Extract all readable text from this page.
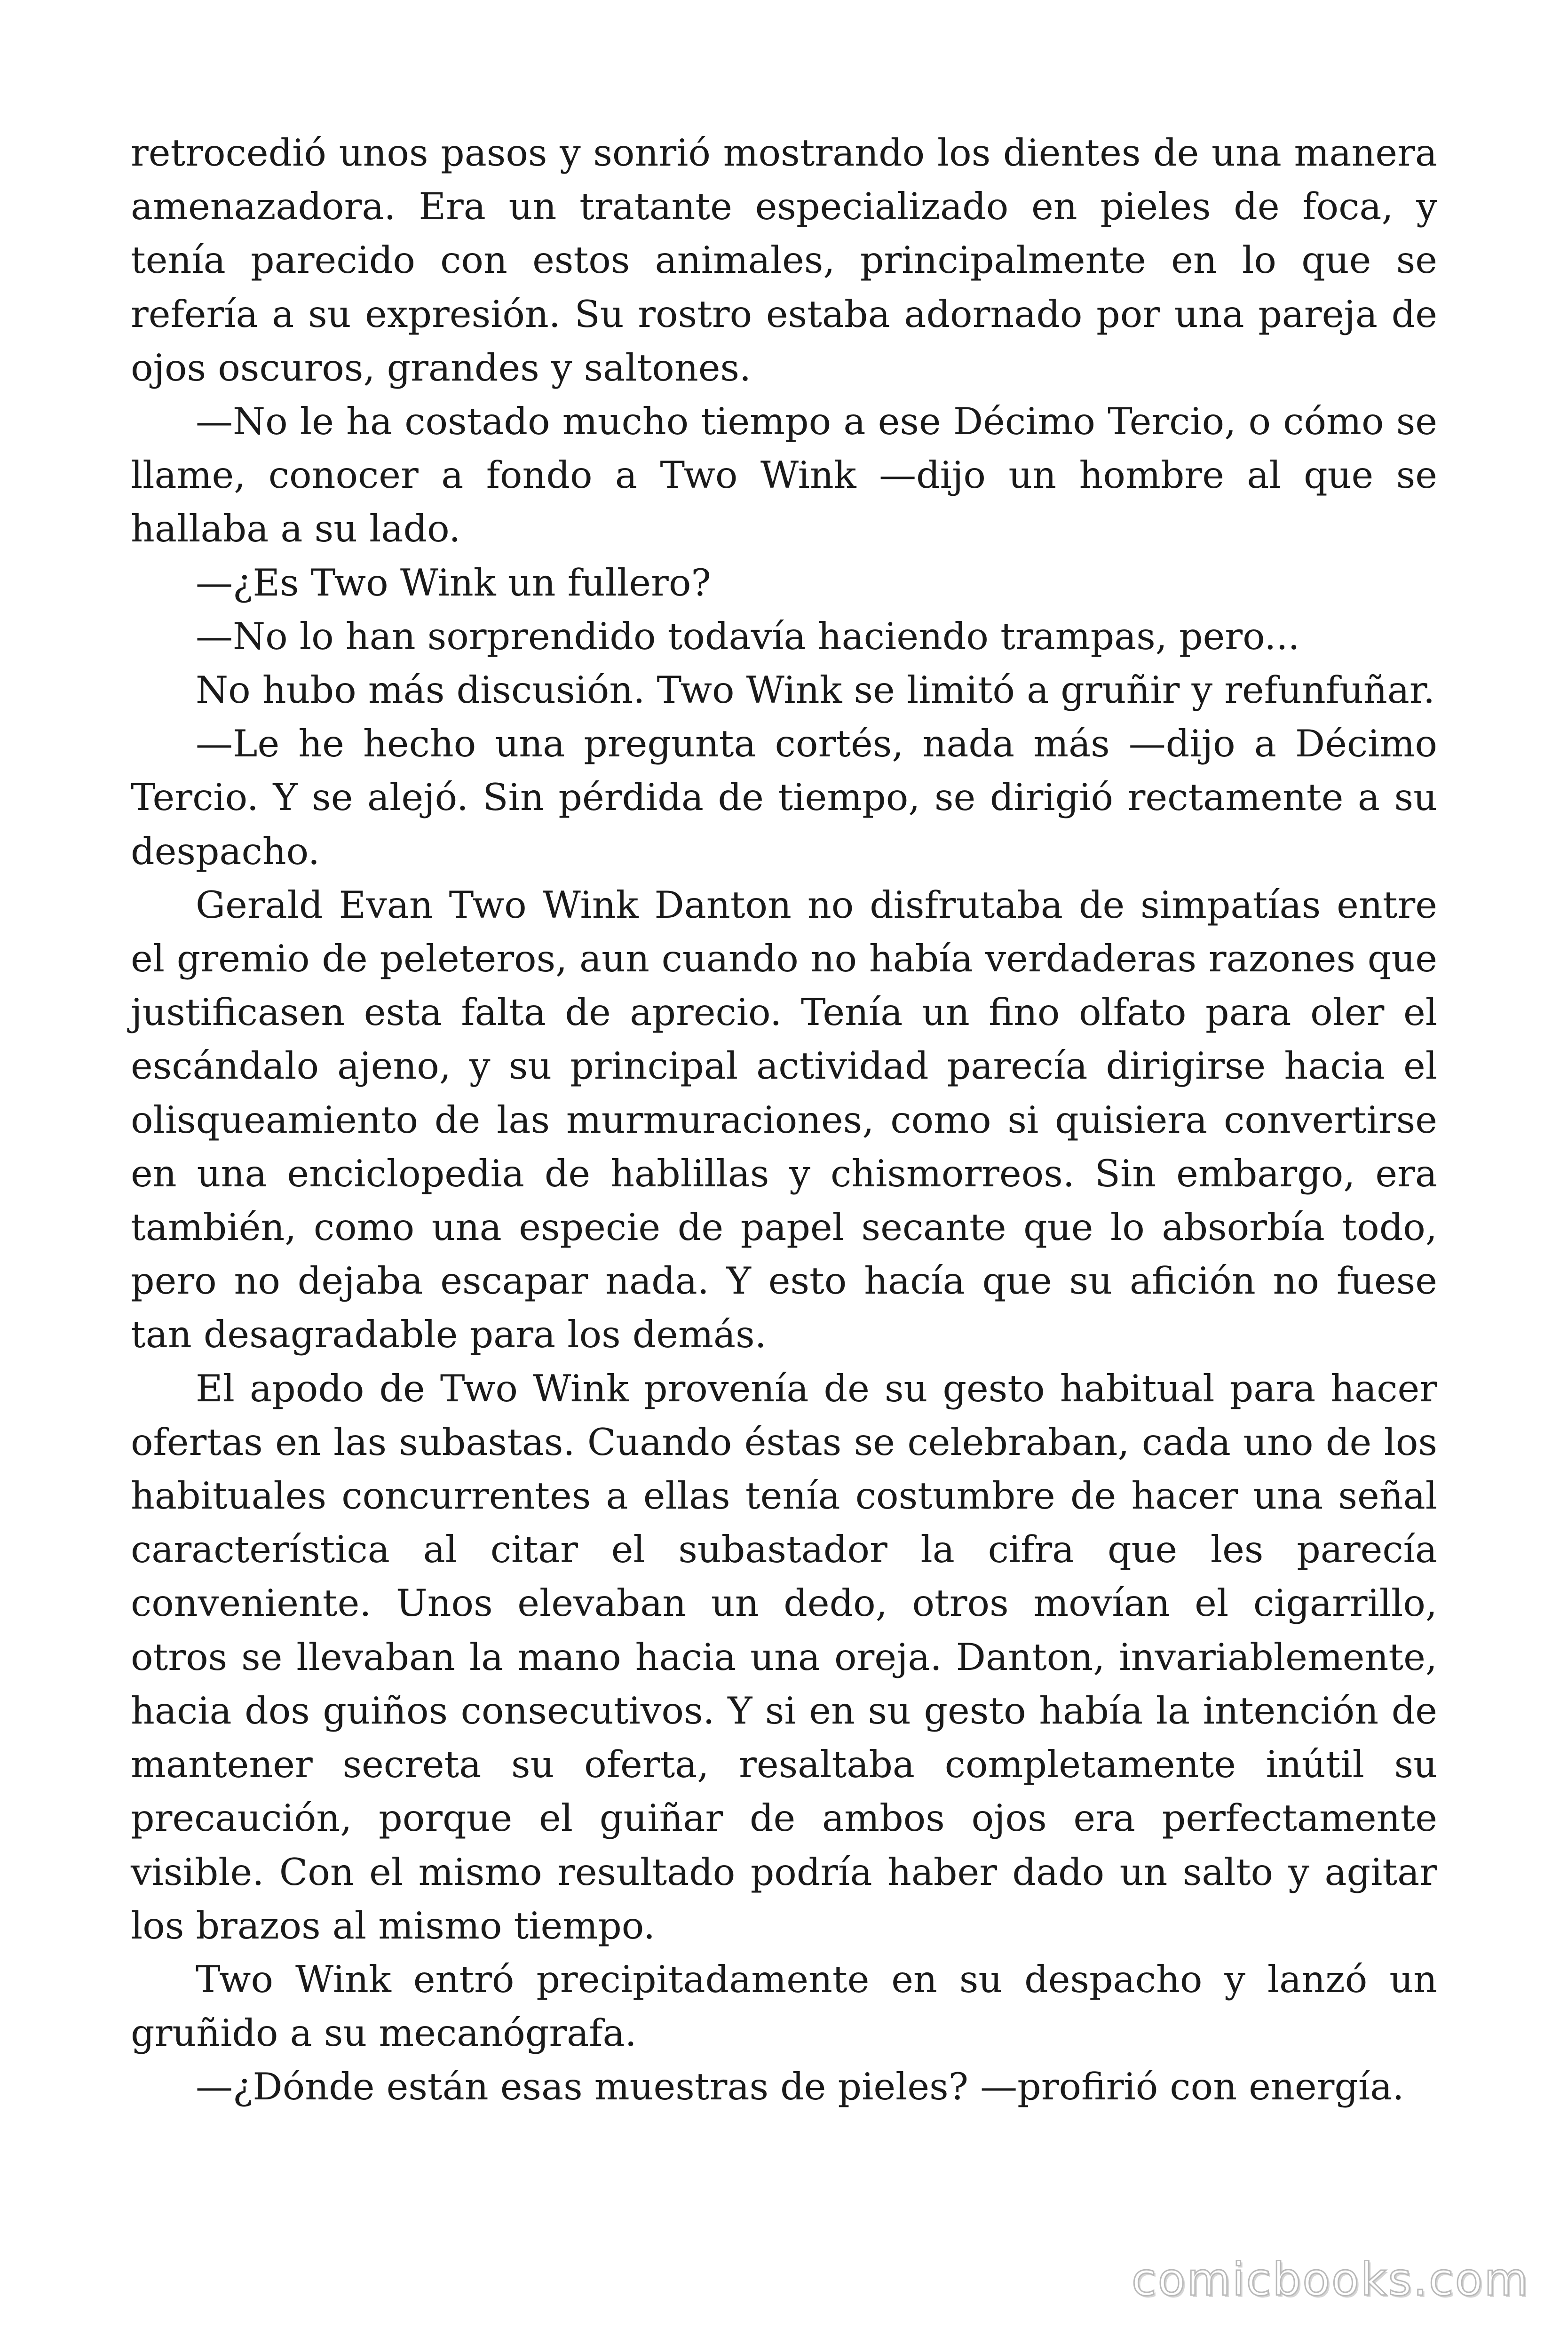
retrocedió unos pasos y sonrió mostrando los dientes de una manera amenazadora. Era un tratante especializado en pieles de foca, y tenía parecido con estos animales, principalmente en lo que se refería a su expresión. Su rostro estaba adornado por una pareja de ojos oscuros, grandes y saltones.

—No le ha costado mucho tiempo a ese Décimo Tercio, o cómo se llame, conocer a fondo a Two Wink —dijo un hombre al que se hallaba a su lado.

—¿Es Two Wink un fullero?

—No lo han sorprendido todavía haciendo trampas, pero...

No hubo más discusión. Two Wink se limitó a gruñir y refunfuñar.

—Le he hecho una pregunta cortés, nada más —dijo a Décimo Tercio. Y se alejó. Sin pérdida de tiempo, se dirigió rectamente a su despacho.

Gerald Evan Two Wink Danton no disfrutaba de simpatías entre el gremio de peleteros, aun cuando no había verdaderas razones que justificasen esta falta de aprecio. Tenía un fino olfato para oler el escándalo ajeno, y su principal actividad parecía dirigirse hacia el olisqueamiento de las murmuraciones, como si quisiera convertirse en una enciclopedia de hablillas y chismorreos. Sin embargo, era también, como una especie de papel secante que lo absorbía todo, pero no dejaba escapar nada. Y esto hacía que su afición no fuese tan desagradable para los demás.

El apodo de Two Wink provenía de su gesto habitual para hacer ofertas en las subastas. Cuando éstas se celebraban, cada uno de los habituales concurrentes a ellas tenía costumbre de hacer una señal característica al citar el subastador la cifra que les parecía conveniente. Unos elevaban un dedo, otros movían el cigarrillo, otros se llevaban la mano hacia una oreja. Danton, invariablemente, hacia dos guiños consecutivos. Y si en su gesto había la intención de mantener secreta su oferta, resaltaba completamente inútil su precaución, porque el guiñar de ambos ojos era perfectamente visible. Con el mismo resultado podría haber dado un salto y agitar los brazos al mismo tiempo.

Two Wink entró precipitadamente en su despacho y lanzó un gruñido a su mecanógrafa.

—¿Dónde están esas muestras de pieles? —profirió con energía.

comicbooks.com
